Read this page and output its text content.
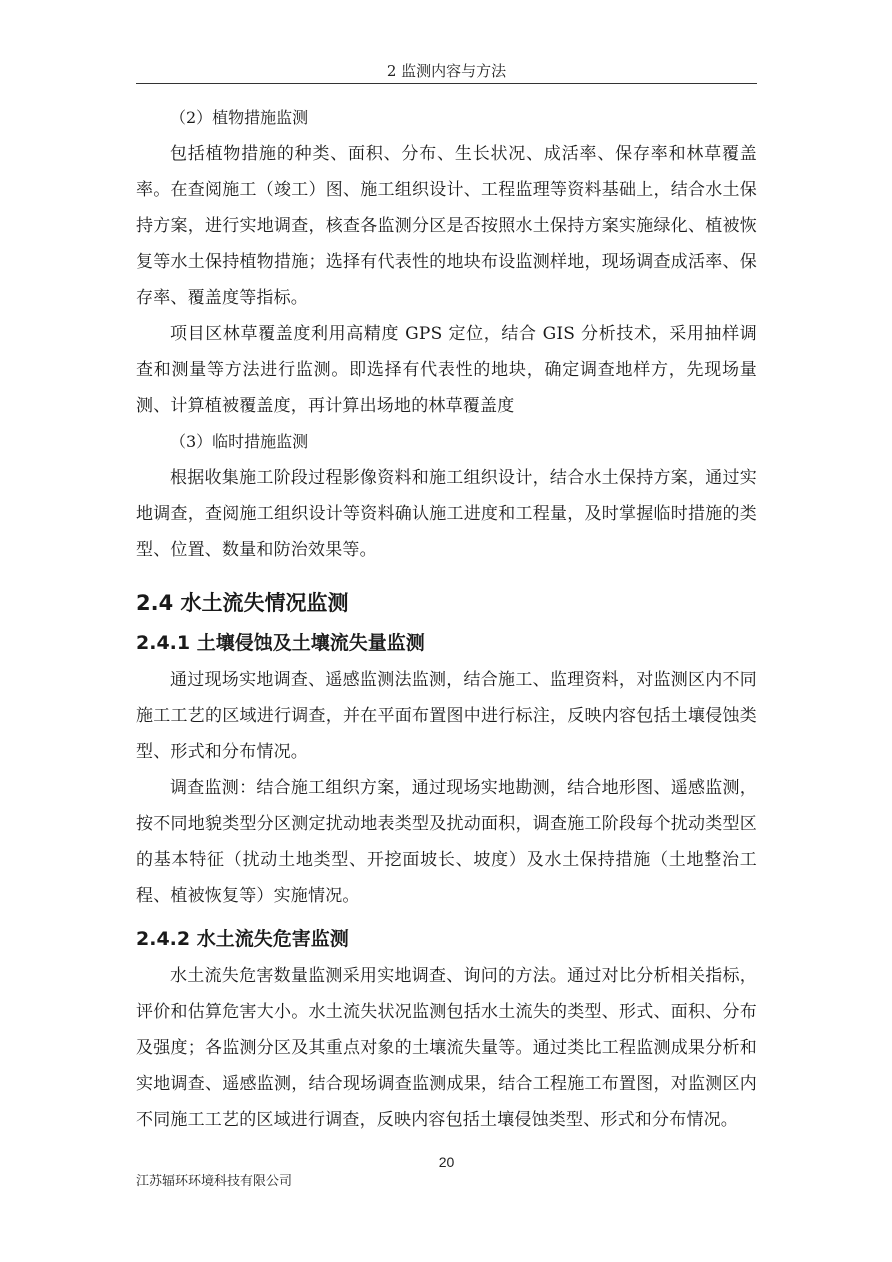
2 监测内容与方法

（2）植物措施监测

包括植物措施的种类、面积、分布、生长状况、成活率、保存率和林草覆盖率。在查阅施工（竣工）图、施工组织设计、工程监理等资料基础上，结合水土保持方案，进行实地调查，核查各监测分区是否按照水土保持方案实施绿化、植被恢复等水土保持植物措施；选择有代表性的地块布设监测样地，现场调查成活率、保存率、覆盖度等指标。

项目区林草覆盖度利用高精度 GPS 定位，结合 GIS 分析技术，采用抽样调查和测量等方法进行监测。即选择有代表性的地块，确定调查地样方，先现场量测、计算植被覆盖度，再计算出场地的林草覆盖度

（3）临时措施监测

根据收集施工阶段过程影像资料和施工组织设计，结合水土保持方案，通过实地调查，查阅施工组织设计等资料确认施工进度和工程量，及时掌握临时措施的类型、位置、数量和防治效果等。

2.4 水土流失情况监测
2.4.1 土壤侵蚀及土壤流失量监测

通过现场实地调查、遥感监测法监测，结合施工、监理资料，对监测区内不同施工工艺的区域进行调查，并在平面布置图中进行标注，反映内容包括土壤侵蚀类型、形式和分布情况。

调查监测：结合施工组织方案，通过现场实地勘测，结合地形图、遥感监测，按不同地貌类型分区测定扰动地表类型及扰动面积，调查施工阶段每个扰动类型区的基本特征（扰动土地类型、开挖面坡长、坡度）及水土保持措施（土地整治工程、植被恢复等）实施情况。

2.4.2 水土流失危害监测

水土流失危害数量监测采用实地调查、询问的方法。通过对比分析相关指标，评价和估算危害大小。水土流失状况监测包括水土流失的类型、形式、面积、分布及强度；各监测分区及其重点对象的土壤流失量等。通过类比工程监测成果分析和实地调查、遥感监测，结合现场调查监测成果，结合工程施工布置图，对监测区内不同施工工艺的区域进行调查，反映内容包括土壤侵蚀类型、形式和分布情况。

20
江苏辐环环境科技有限公司
